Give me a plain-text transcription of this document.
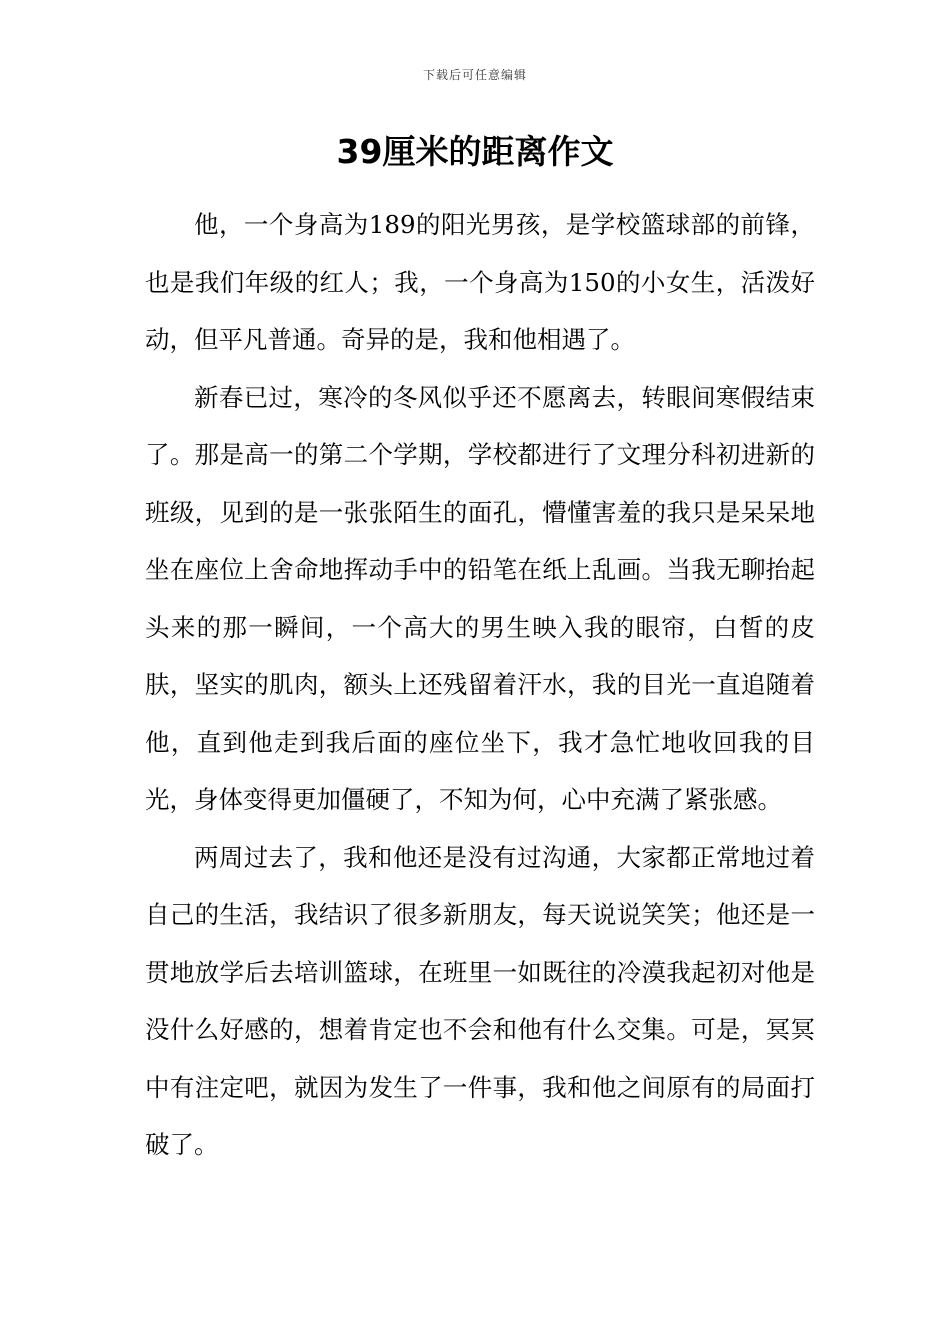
下载后可任意编辑
39厘米的距离作文

他，一个身高为189的阳光男孩，是学校篮球部的前锋，也是我们年级的红人；我，一个身高为150的小女生，活泼好动，但平凡普通。奇异的是，我和他相遇了。

新春已过，寒冷的冬风似乎还不愿离去，转眼间寒假结束了。那是高一的第二个学期，学校都进行了文理分科初进新的班级，见到的是一张张陌生的面孔，懵懂害羞的我只是呆呆地坐在座位上舍命地挥动手中的铅笔在纸上乱画。当我无聊抬起头来的那一瞬间，一个高大的男生映入我的眼帘，白皙的皮肤，坚实的肌肉，额头上还残留着汗水，我的目光一直追随着他，直到他走到我后面的座位坐下，我才急忙地收回我的目光，身体变得更加僵硬了，不知为何，心中充满了紧张感。

两周过去了，我和他还是没有过沟通，大家都正常地过着自己的生活，我结识了很多新朋友，每天说说笑笑；他还是一贯地放学后去培训篮球，在班里一如既往的冷漠我起初对他是没什么好感的，想着肯定也不会和他有什么交集。可是，冥冥中有注定吧，就因为发生了一件事，我和他之间原有的局面打破了。
